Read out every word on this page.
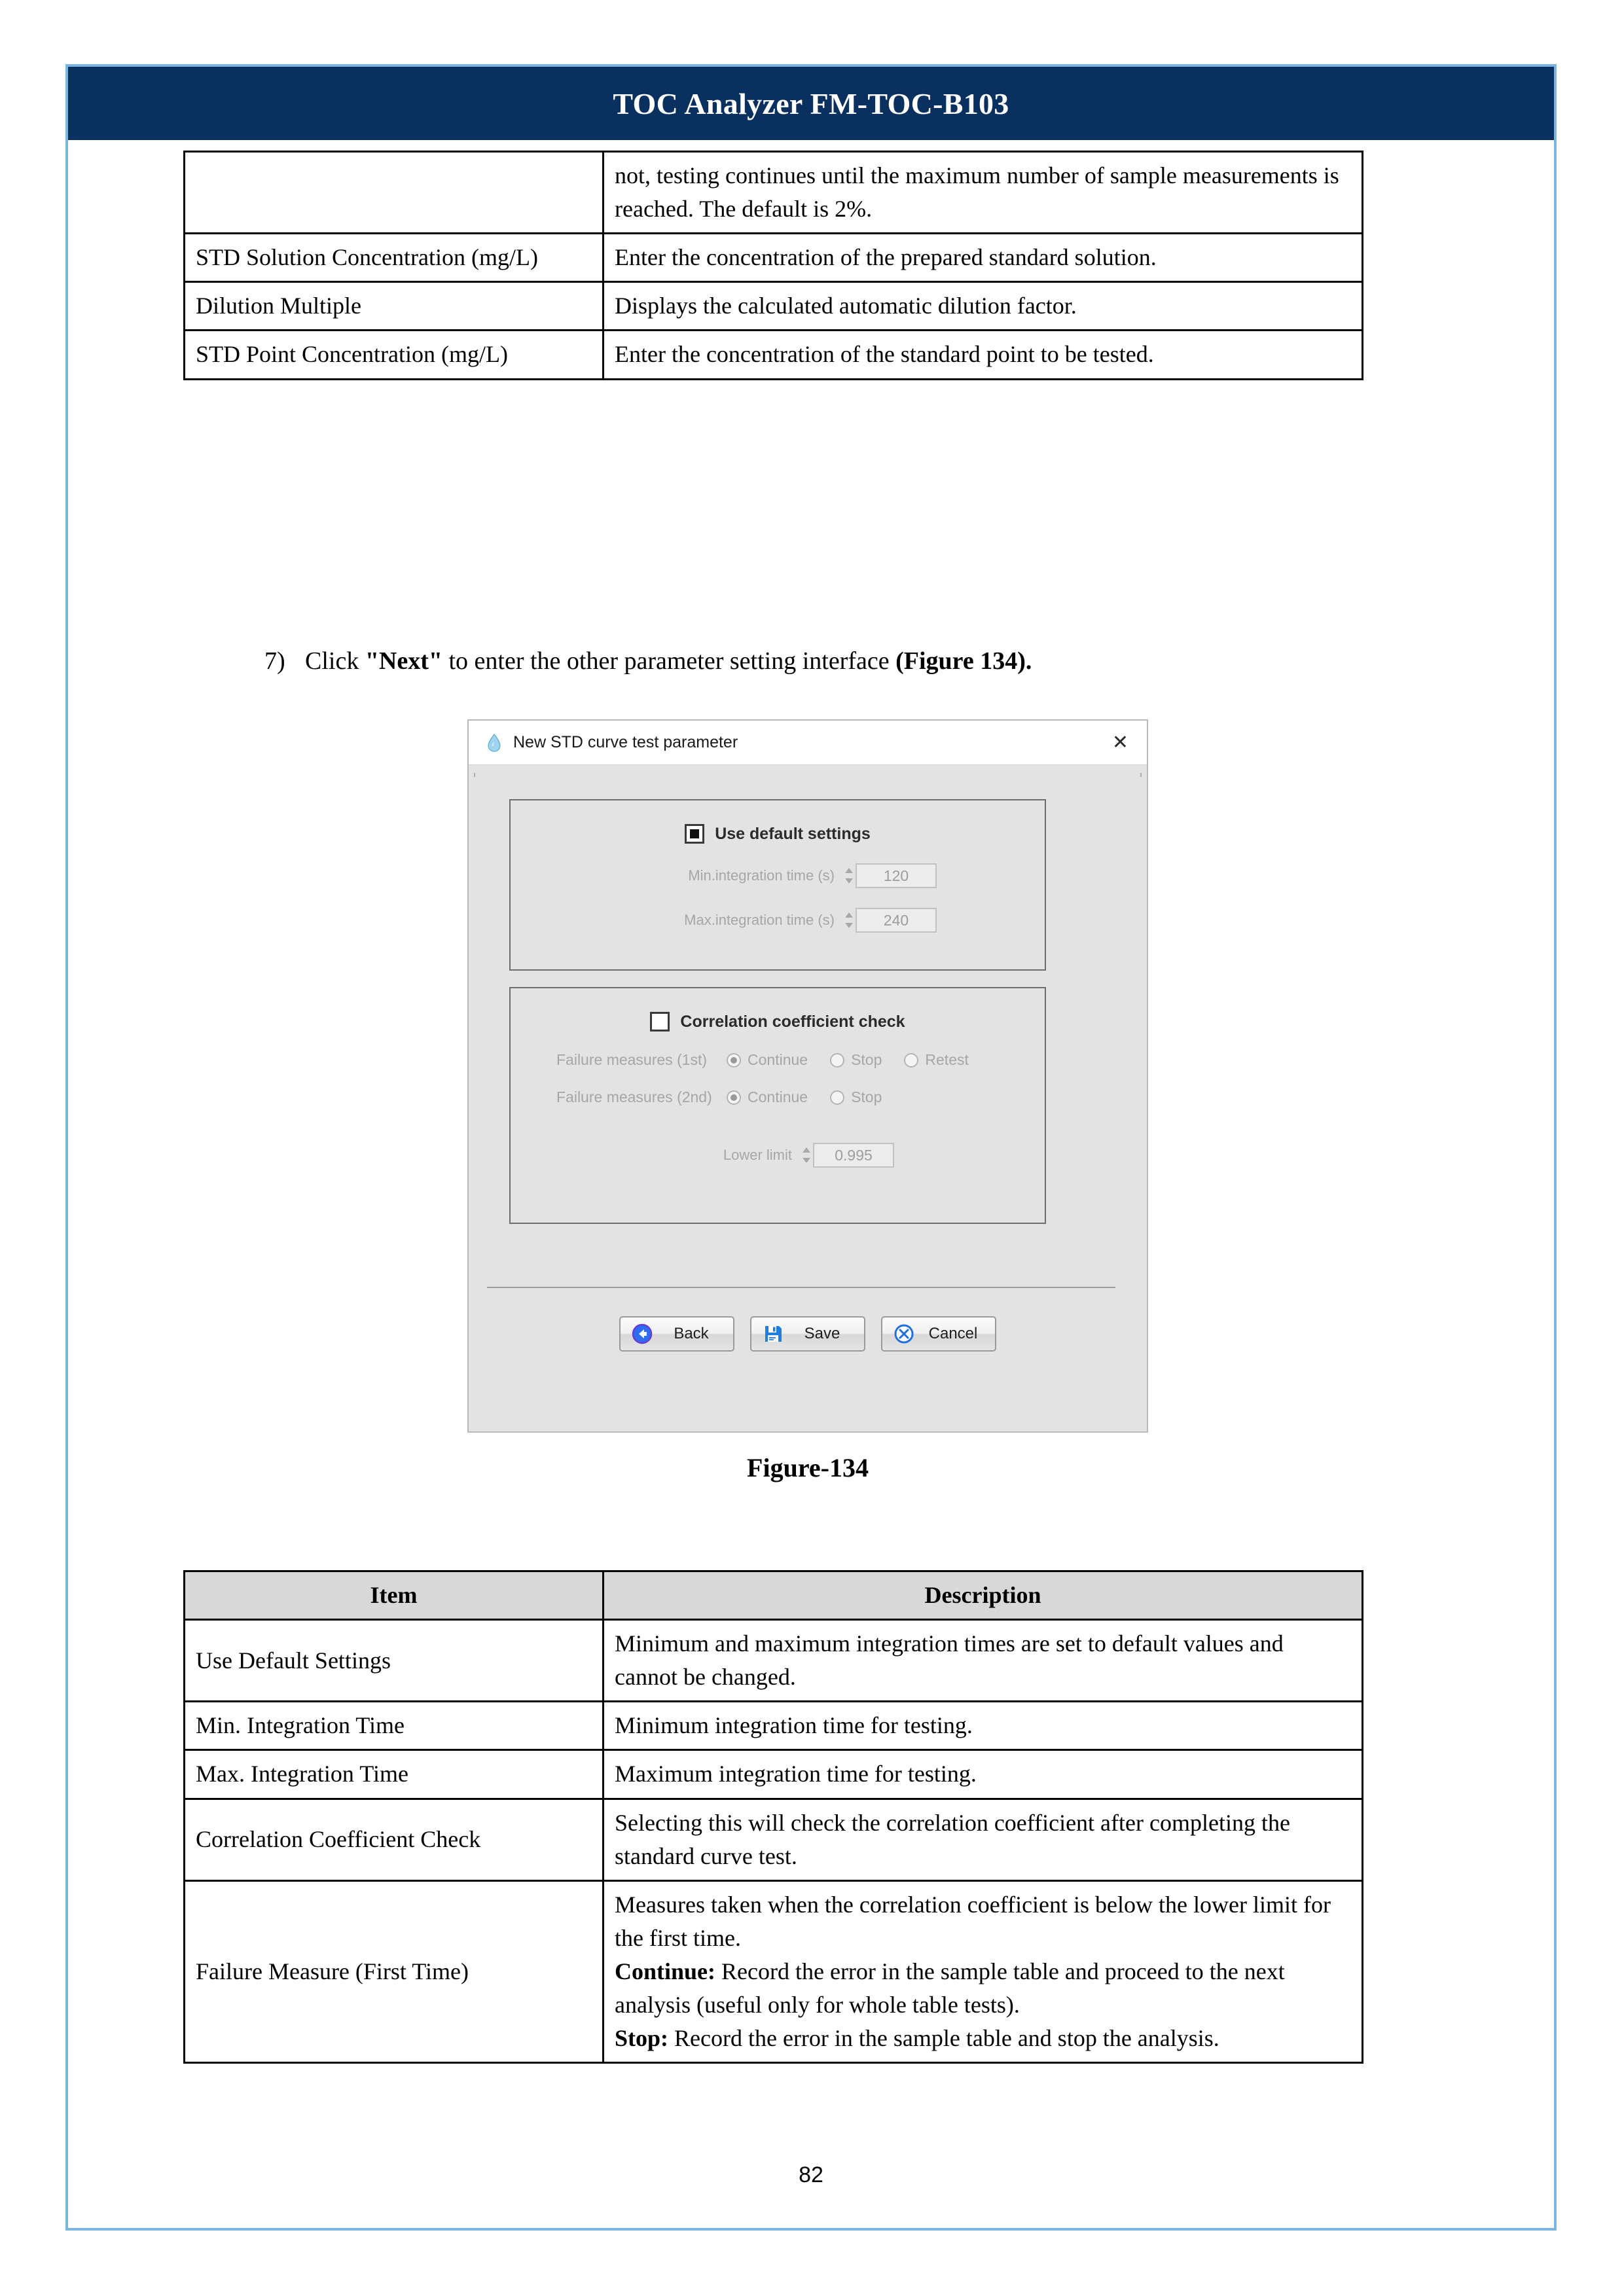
TOC Analyzer FM-TOC-B103
	not, testing continues until the maximum number of sample measurements is reached. The default is 2%.
STD Solution Concentration (mg/L)	Enter the concentration of the prepared standard solution.
Dilution Multiple	Displays the calculated automatic dilution factor.
STD Point Concentration (mg/L)	Enter the concentration of the standard point to be tested.
7) Click "Next" to enter the other parameter setting interface (Figure 134).
New STD curve test parameter	✕
Use default settings
Min.integration time (s)	120
Max.integration time (s)	240
Correlation coefficient check
Failure measures (1st)	Continue	Stop	Retest
Failure measures (2nd)	Continue	Stop
Lower limit	0.995
Back	Save	Cancel
Figure-134
Item	Description
Use Default Settings	Minimum and maximum integration times are set to default values and cannot be changed.
Min. Integration Time	Minimum integration time for testing.
Max. Integration Time	Maximum integration time for testing.
Correlation Coefficient Check	Selecting this will check the correlation coefficient after completing the standard curve test.
Failure Measure (First Time)	Measures taken when the correlation coefficient is below the lower limit for the first time.
Continue: Record the error in the sample table and proceed to the next analysis (useful only for whole table tests).
Stop: Record the error in the sample table and stop the analysis.
82
